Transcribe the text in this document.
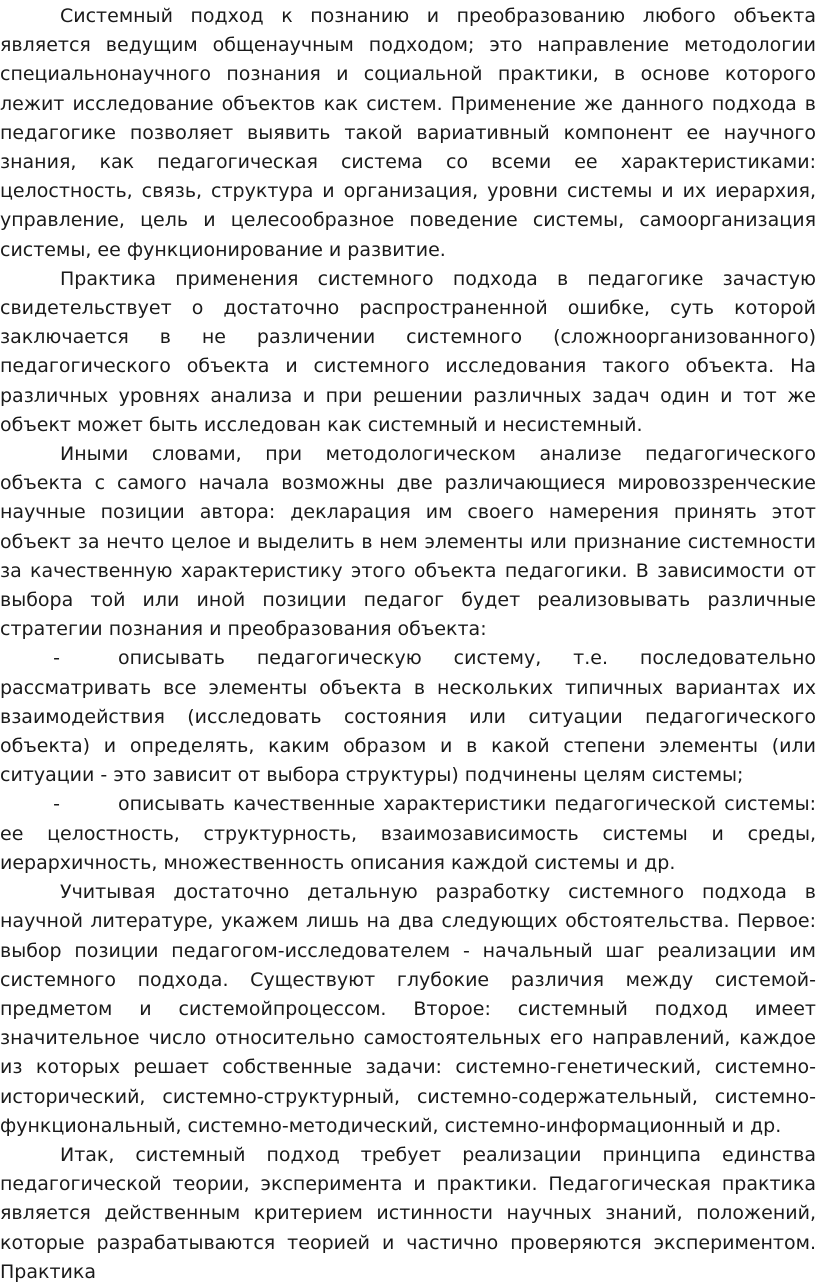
Системный подход к познанию и преобразованию любого объекта является ведущим общенаучным подходом; это направление методологии специальнонаучного познания и социальной практики, в основе которого лежит исследование объектов как систем. Применение же данного подхода в педагогике позволяет выявить такой вариативный компонент ее научного знания, как педагогическая система со всеми ее характеристиками: целостность, связь, структура и организация, уровни системы и их иерархия, управление, цель и целесообразное поведение системы, самоорганизация системы, ее функционирование и развитие.

Практика применения системного подхода в педагогике зачастую свидетельствует о достаточно распространенной ошибке, суть которой заключается в не различении системного (сложноорганизованного) педагогического объекта и системного исследования такого объекта. На различных уровнях анализа и при решении различных задач один и тот же объект может быть исследован как системный и несистемный.

Иными словами, при методологическом анализе педагогического объекта с самого начала возможны две различающиеся мировоззренческие научные позиции автора: декларация им своего намерения принять этот объект за нечто целое и выделить в нем элементы или признание системности за качественную характеристику этого объекта педагогики. В зависимости от выбора той или иной позиции педагог будет реализовывать различные стратегии познания и преобразования объекта:

-	описывать педагогическую систему, т.е. последовательно рассматривать все элементы объекта в нескольких типичных вариантах их взаимодействия (исследовать состояния или ситуации педагогического объекта) и определять, каким образом и в какой степени элементы (или ситуации - это зависит от выбора структуры) подчинены целям системы;

-	описывать качественные характеристики педагогической системы: ее целостность, структурность, взаимозависимость системы и среды, иерархичность, множественность описания каждой системы и др.

Учитывая достаточно детальную разработку системного подхода в научной литературе, укажем лишь на два следующих обстоятельства. Первое: выбор позиции педагогом-исследователем - начальный шаг реализации им системного подхода. Существуют глубокие различия между системой-предметом и системойпроцессом. Второе: системный подход имеет значительное число относительно самостоятельных его направлений, каждое из которых решает собственные задачи: системно-генетический, системно-исторический, системно-структурный, системно-содержательный, системно-функциональный, системно-методический, системно-информационный и др.

Итак, системный подход требует реализации принципа единства педагогической теории, эксперимента и практики. Педагогическая практика является действенным критерием истинности научных знаний, положений, которые разрабатываются теорией и частично проверяются экспериментом. Практика
